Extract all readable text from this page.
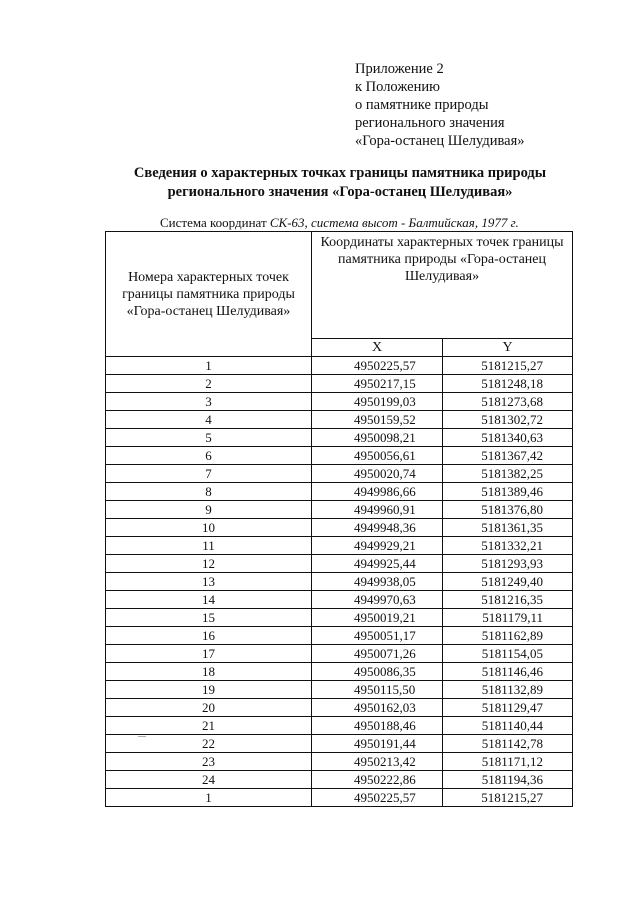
Приложение 2
к Положению
о памятнике природы
регионального значения
«Гора-останец Шелудивая»
Сведения о характерных точках границы памятника природы
регионального значения «Гора-останец Шелудивая»
Система координат СК-63, система высот - Балтийская, 1977 г.
Номера характерных точек границы памятника природы «Гора-останец Шелудивая»	Координаты характерных точек границы памятника природы «Гора-останец Шелудивая»	
	X	Y
1	4950225,57	5181215,27
2	4950217,15	5181248,18
3	4950199,03	5181273,68
4	4950159,52	5181302,72
5	4950098,21	5181340,63
6	4950056,61	5181367,42
7	4950020,74	5181382,25
8	4949986,66	5181389,46
9	4949960,91	5181376,80
10	4949948,36	5181361,35
11	4949929,21	5181332,21
12	4949925,44	5181293,93
13	4949938,05	5181249,40
14	4949970,63	5181216,35
15	4950019,21	5181179,11
16	4950051,17	5181162,89
17	4950071,26	5181154,05
18	4950086,35	5181146,46
19	4950115,50	5181132,89
20	4950162,03	5181129,47
21	4950188,46	5181140,44
22	4950191,44	5181142,78
23	4950213,42	5181171,12
24	4950222,86	5181194,36
1	4950225,57	5181215,27
—
